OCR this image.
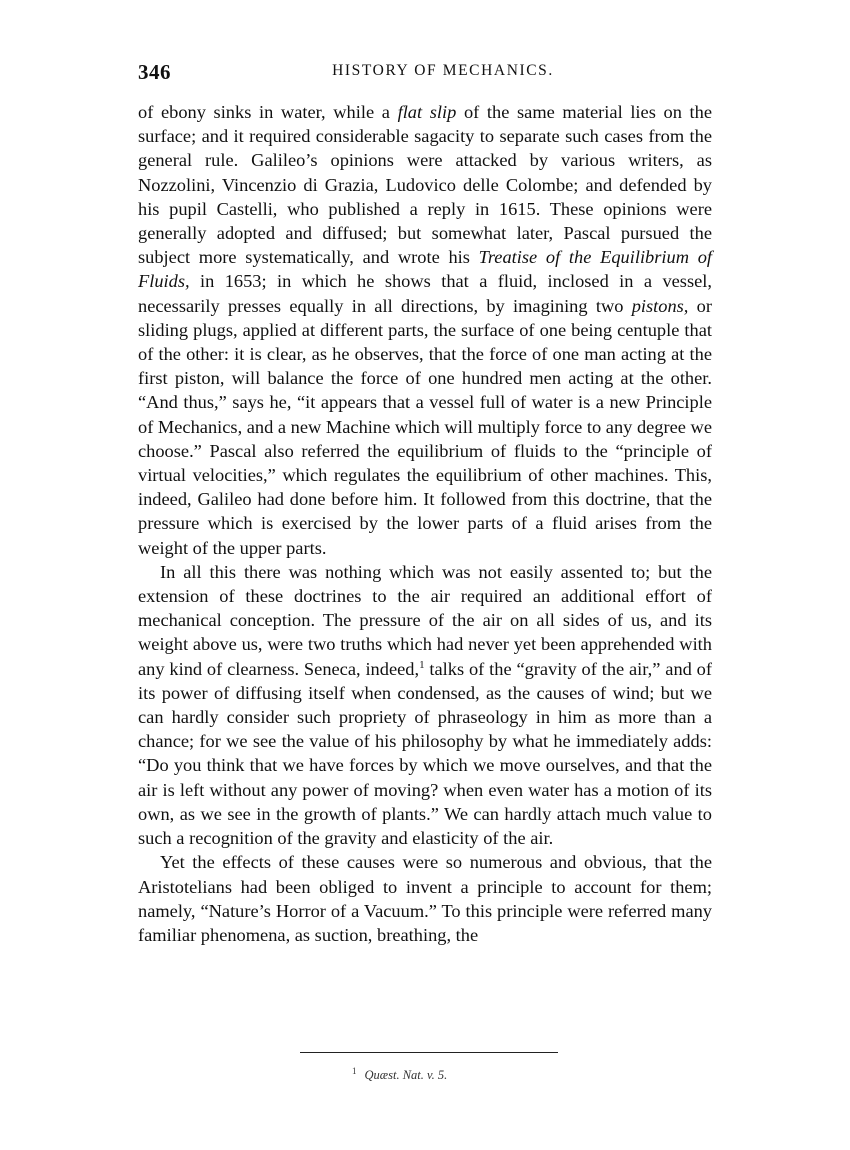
346	HISTORY OF MECHANICS.

of ebony sinks in water, while a flat slip of the same material lies on the surface; and it required considerable sagacity to separate such cases from the general rule. Galileo’s opinions were attacked by various writers, as Nozzolini, Vincenzio di Grazia, Ludovico delle Colombe; and defended by his pupil Castelli, who published a reply in 1615. These opinions were generally adopted and diffused; but somewhat later, Pascal pursued the subject more systematically, and wrote his Treatise of the Equilibrium of Fluids, in 1653; in which he shows that a fluid, inclosed in a vessel, necessarily presses equally in all directions, by imagining two pistons, or sliding plugs, applied at different parts, the surface of one being centuple that of the other: it is clear, as he observes, that the force of one man acting at the first piston, will balance the force of one hundred men acting at the other. “And thus,” says he, “it appears that a vessel full of water is a new Principle of Mechanics, and a new Machine which will multiply force to any degree we choose.” Pascal also referred the equilibrium of fluids to the “principle of virtual velocities,” which regulates the equilibrium of other machines. This, indeed, Galileo had done before him. It followed from this doctrine, that the pressure which is exercised by the lower parts of a fluid arises from the weight of the upper parts.

In all this there was nothing which was not easily assented to; but the extension of these doctrines to the air required an additional effort of mechanical conception. The pressure of the air on all sides of us, and its weight above us, were two truths which had never yet been apprehended with any kind of clearness. Seneca, indeed,$^1$ talks of the “gravity of the air,” and of its power of diffusing itself when condensed, as the causes of wind; but we can hardly consider such propriety of phraseology in him as more than a chance; for we see the value of his philosophy by what he immediately adds: “Do you think that we have forces by which we move ourselves, and that the air is left without any power of moving? when even water has a motion of its own, as we see in the growth of plants.” We can hardly attach much value to such a recognition of the gravity and elasticity of the air.

Yet the effects of these causes were so numerous and obvious, that the Aristotelians had been obliged to invent a principle to account for them; namely, “Nature’s Horror of a Vacuum.” To this principle were referred many familiar phenomena, as suction, breathing, the

$^1$ Quæst. Nat. v. 5.
